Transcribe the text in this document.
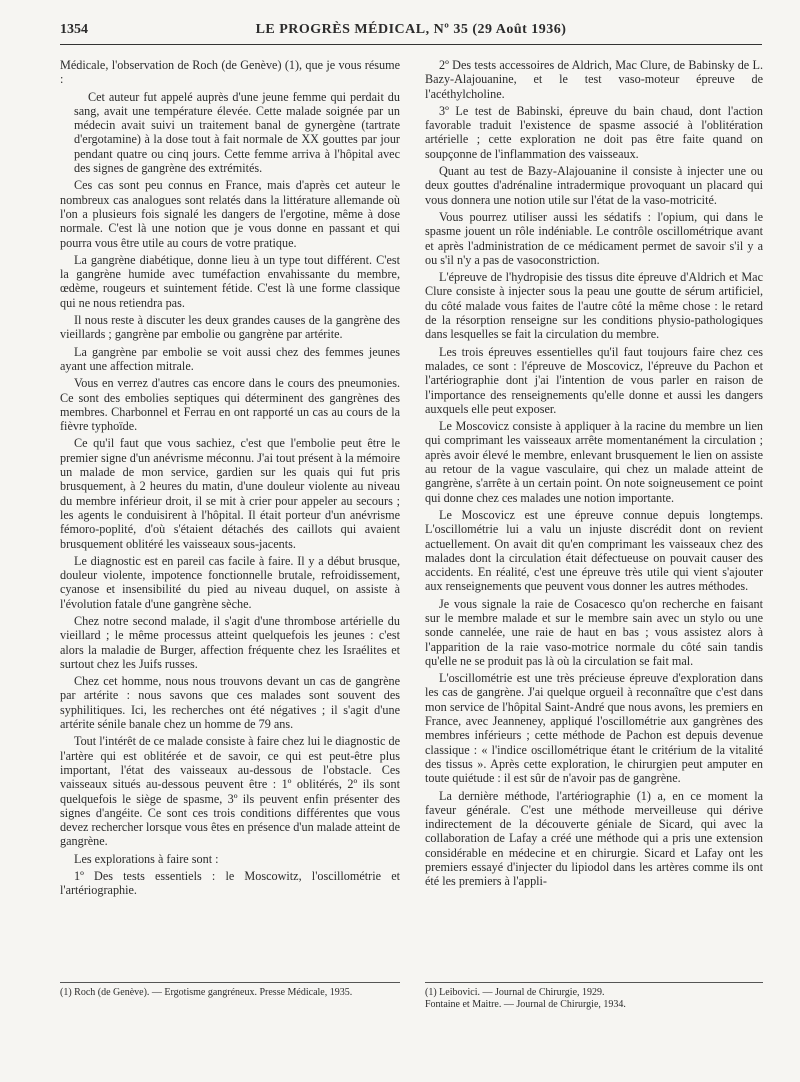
1354	LE PROGRÈS MÉDICAL, Nº 35 (29 Août 1936)

Médicale, l'observation de Roch (de Genève) (1), que je vous résume :

Cet auteur fut appelé auprès d'une jeune femme qui perdait du sang, avait une température élevée. Cette malade soignée par un médecin avait suivi un traitement banal de gynergène (tartrate d'ergotamine) à la dose tout à fait normale de XX gouttes par jour pendant quatre ou cinq jours. Cette femme arriva à l'hôpital avec des signes de gangrène des extrémités.

Ces cas sont peu connus en France, mais d'après cet auteur le nombreux cas analogues sont relatés dans la littérature allemande où l'on a plusieurs fois signalé les dangers de l'ergotine, même à dose normale. C'est là une notion que je vous donne en passant et qui pourra vous être utile au cours de votre pratique.

La gangrène diabétique, donne lieu à un type tout différent. C'est la gangrène humide avec tuméfaction envahissante du membre, œdème, rougeurs et suintement fétide. C'est là une forme classique qui ne nous retiendra pas.

Il nous reste à discuter les deux grandes causes de la gangrène des vieillards ; gangrène par embolie ou gangrène par artérite.

La gangrène par embolie se voit aussi chez des femmes jeunes ayant une affection mitrale.

Vous en verrez d'autres cas encore dans le cours des pneumonies. Ce sont des embolies septiques qui déterminent des gangrènes des membres. Charbonnel et Ferrau en ont rapporté un cas au cours de la fièvre typhoïde.

Ce qu'il faut que vous sachiez, c'est que l'embolie peut être le premier signe d'un anévrisme méconnu. J'ai tout présent à la mémoire un malade de mon service, gardien sur les quais qui fut pris brusquement, à 2 heures du matin, d'une douleur violente au niveau du membre inférieur droit, il se mit à crier pour appeler au secours ; les agents le conduisirent à l'hôpital. Il était porteur d'un anévrisme fémoro-poplité, d'où s'étaient détachés des caillots qui avaient brusquement oblitéré les vaisseaux sous-jacents.

Le diagnostic est en pareil cas facile à faire. Il y a début brusque, douleur violente, impotence fonctionnelle brutale, refroidissement, cyanose et insensibilité du pied au niveau duquel, on assiste à l'évolution fatale d'une gangrène sèche.

Chez notre second malade, il s'agit d'une thrombose artérielle du vieillard ; le même processus atteint quelquefois les jeunes : c'est alors la maladie de Burger, affection fréquente chez les Israélites et surtout chez les Juifs russes.

Chez cet homme, nous nous trouvons devant un cas de gangrène par artérite : nous savons que ces malades sont souvent des syphilitiques. Ici, les recherches ont été négatives ; il s'agit d'une artérite sénile banale chez un homme de 79 ans.

Tout l'intérêt de ce malade consiste à faire chez lui le diagnostic de l'artère qui est oblitérée et de savoir, ce qui est peut-être plus important, l'état des vaisseaux au-dessous de l'obstacle. Ces vaisseaux situés au-dessous peuvent être : 1º oblitérés, 2º ils sont quelquefois le siège de spasme, 3º ils peuvent enfin présenter des signes d'angéite. Ce sont ces trois conditions différentes que vous devez rechercher lorsque vous êtes en présence d'un malade atteint de gangrène.

Les explorations à faire sont :

1º Des tests essentiels : le Moscowitz, l'oscillométrie et l'artériographie.

2º Des tests accessoires de Aldrich, Mac Clure, de Babinsky de L. Bazy-Alajouanine, et le test vaso-moteur épreuve de l'acéthylcholine.

3º Le test de Babinski, épreuve du bain chaud, dont l'action favorable traduit l'existence de spasme associé à l'oblitération artérielle ; cette exploration ne doit pas être faite quand on soupçonne de l'inflammation des vaisseaux.

Quant au test de Bazy-Alajouanine il consiste à injecter une ou deux gouttes d'adrénaline intradermique provoquant un placard qui vous donnera une notion utile sur l'état de la vaso-motricité.

Vous pourrez utiliser aussi les sédatifs : l'opium, qui dans le spasme jouent un rôle indéniable. Le contrôle oscillométrique avant et après l'administration de ce médicament permet de savoir s'il y a ou s'il n'y a pas de vasoconstriction.

L'épreuve de l'hydropisie des tissus dite épreuve d'Aldrich et Mac Clure consiste à injecter sous la peau une goutte de sérum artificiel, du côté malade vous faites de l'autre côté la même chose : le retard de la résorption renseigne sur les conditions physio-pathologiques dans lesquelles se fait la circulation du membre.

Les trois épreuves essentielles qu'il faut toujours faire chez ces malades, ce sont : l'épreuve de Moscovicz, l'épreuve du Pachon et l'artériographie dont j'ai l'intention de vous parler en raison de l'importance des renseignements qu'elle donne et aussi les dangers auxquels elle peut exposer.

Le Moscovicz consiste à appliquer à la racine du membre un lien qui comprimant les vaisseaux arrête momentanément la circulation ; après avoir élevé le membre, enlevant brusquement le lien on assiste au retour de la vague vasculaire, qui chez un malade atteint de gangrène, s'arrête à un certain point. On note soigneusement ce point qui donne chez ces malades une notion importante.

Le Moscovicz est une épreuve connue depuis longtemps. L'oscillométrie lui a valu un injuste discrédit dont on revient actuellement. On avait dit qu'en comprimant les vaisseaux chez des malades dont la circulation était défectueuse on pouvait causer des accidents. En réalité, c'est une épreuve très utile qui vient s'ajouter aux renseignements que peuvent vous donner les autres méthodes.

Je vous signale la raie de Cosacesco qu'on recherche en faisant sur le membre malade et sur le membre sain avec un stylo ou une sonde cannelée, une raie de haut en bas ; vous assistez alors à l'apparition de la raie vaso-motrice normale du côté sain tandis qu'elle ne se produit pas là où la circulation se fait mal.

L'oscillométrie est une très précieuse épreuve d'exploration dans les cas de gangrène. J'ai quelque orgueil à reconnaître que c'est dans mon service de l'hôpital Saint-André que nous avons, les premiers en France, avec Jeanneney, appliqué l'oscillométrie aux gangrènes des membres inférieurs ; cette méthode de Pachon est depuis devenue classique : « l'indice oscillométrique étant le critérium de la vitalité des tissus ». Après cette exploration, le chirurgien peut amputer en toute quiétude : il est sûr de n'avoir pas de gangrène.

La dernière méthode, l'artériographie (1) a, en ce moment la faveur générale. C'est une méthode merveilleuse qui dérive indirectement de la découverte géniale de Sicard, qui avec la collaboration de Lafay a créé une méthode qui a pris une extension considérable en médecine et en chirurgie. Sicard et Lafay ont les premiers essayé d'injecter du lipiodol dans les artères comme ils ont été les premiers à l'appli-

(1) Roch (de Genève). — Ergotisme gangréneux. Presse Médicale, 1935.	(1) Leibovici. — Journal de Chirurgie, 1929.
Fontaine et Maitre. — Journal de Chirurgie, 1934.
